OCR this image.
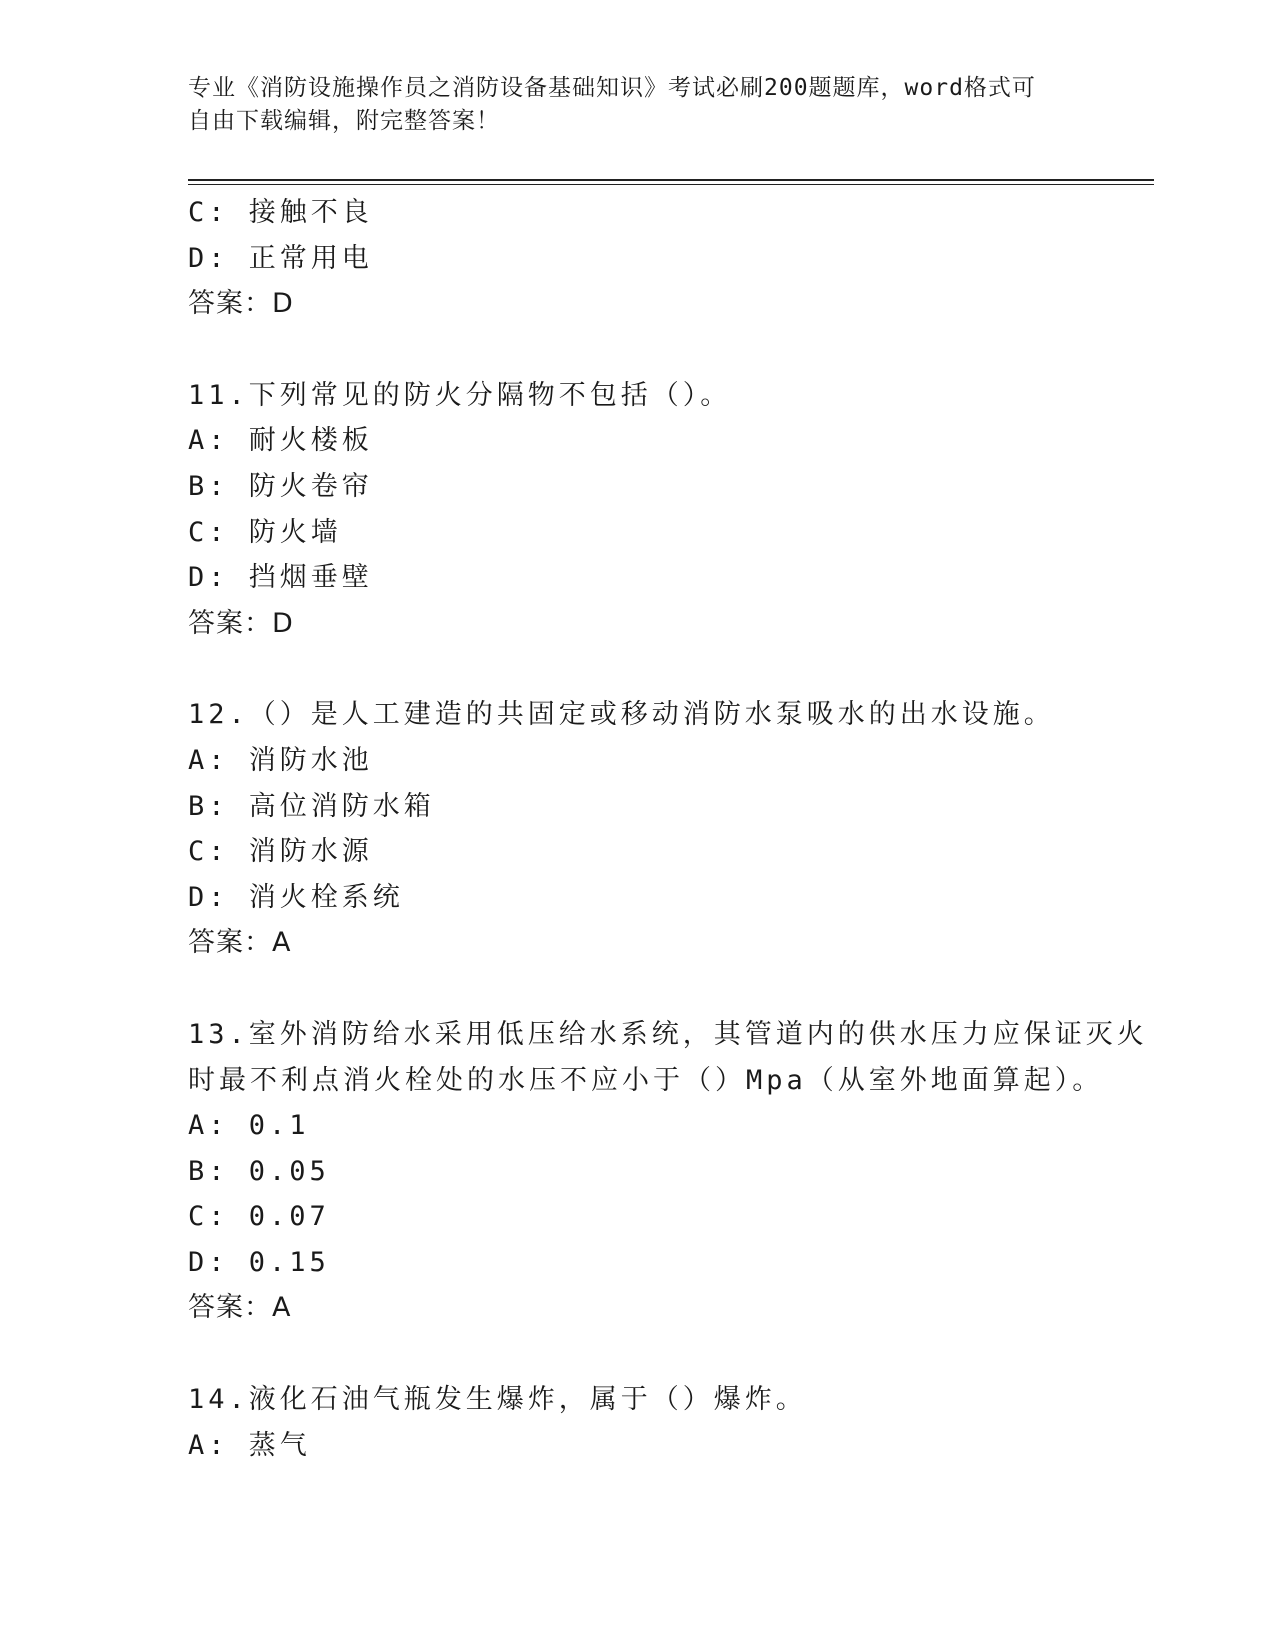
专业《消防设施操作员之消防设备基础知识》考试必刷200题题库，word格式可
自由下载编辑，附完整答案！
C: 接触不良
D: 正常用电
答案：D
11.下列常见的防火分隔物不包括（）。
A: 耐火楼板
B: 防火卷帘
C: 防火墙
D: 挡烟垂壁
答案：D
12.（）是人工建造的共固定或移动消防水泵吸水的出水设施。
A: 消防水池
B: 高位消防水箱
C: 消防水源
D: 消火栓系统
答案：A
13.室外消防给水采用低压给水系统，其管道内的供水压力应保证灭火
时最不利点消火栓处的水压不应小于（）Mpa（从室外地面算起）。
A: 0.1
B: 0.05
C: 0.07
D: 0.15
答案：A
14.液化石油气瓶发生爆炸，属于（）爆炸。
A: 蒸气
